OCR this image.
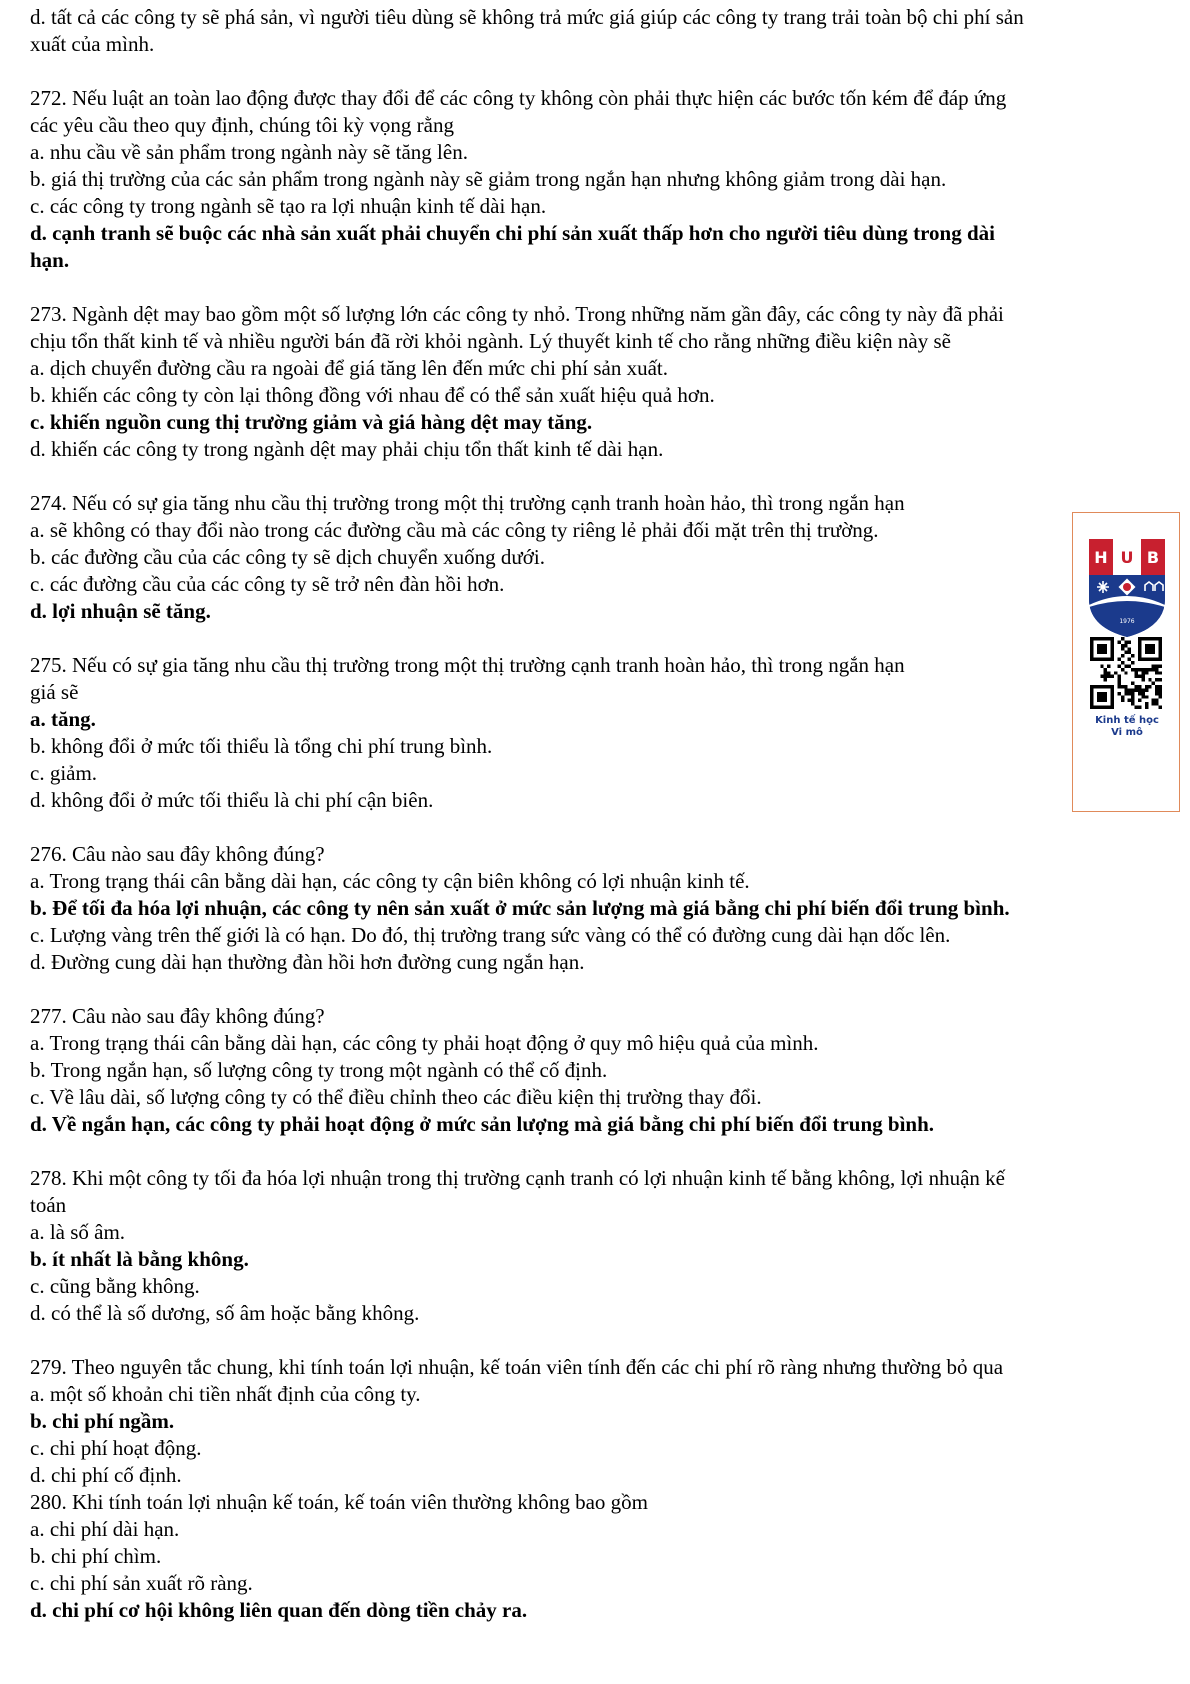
d. tất cả các công ty sẽ phá sản, vì người tiêu dùng sẽ không trả mức giá giúp các công ty trang trải toàn bộ chi phí sản
xuất của mình.
272. Nếu luật an toàn lao động được thay đổi để các công ty không còn phải thực hiện các bước tốn kém để đáp ứng
các yêu cầu theo quy định, chúng tôi kỳ vọng rằng
a. nhu cầu về sản phẩm trong ngành này sẽ tăng lên.
b. giá thị trường của các sản phẩm trong ngành này sẽ giảm trong ngắn hạn nhưng không giảm trong dài hạn.
c. các công ty trong ngành sẽ tạo ra lợi nhuận kinh tế dài hạn.
d. cạnh tranh sẽ buộc các nhà sản xuất phải chuyển chi phí sản xuất thấp hơn cho người tiêu dùng trong dài
hạn.
273. Ngành dệt may bao gồm một số lượng lớn các công ty nhỏ. Trong những năm gần đây, các công ty này đã phải
chịu tổn thất kinh tế và nhiều người bán đã rời khỏi ngành. Lý thuyết kinh tế cho rằng những điều kiện này sẽ
a. dịch chuyển đường cầu ra ngoài để giá tăng lên đến mức chi phí sản xuất.
b. khiến các công ty còn lại thông đồng với nhau để có thể sản xuất hiệu quả hơn.
c. khiến nguồn cung thị trường giảm và giá hàng dệt may tăng.
d. khiến các công ty trong ngành dệt may phải chịu tổn thất kinh tế dài hạn.
274. Nếu có sự gia tăng nhu cầu thị trường trong một thị trường cạnh tranh hoàn hảo, thì trong ngắn hạn
a. sẽ không có thay đổi nào trong các đường cầu mà các công ty riêng lẻ phải đối mặt trên thị trường.
b. các đường cầu của các công ty sẽ dịch chuyển xuống dưới.
c. các đường cầu của các công ty sẽ trở nên đàn hồi hơn.
d. lợi nhuận sẽ tăng.
275. Nếu có sự gia tăng nhu cầu thị trường trong một thị trường cạnh tranh hoàn hảo, thì trong ngắn hạn
giá sẽ
a. tăng.
b. không đổi ở mức tối thiểu là tổng chi phí trung bình.
c. giảm.
d. không đổi ở mức tối thiểu là chi phí cận biên.
276. Câu nào sau đây không đúng?
a. Trong trạng thái cân bằng dài hạn, các công ty cận biên không có lợi nhuận kinh tế.
b. Để tối đa hóa lợi nhuận, các công ty nên sản xuất ở mức sản lượng mà giá bằng chi phí biến đổi trung bình.
c. Lượng vàng trên thế giới là có hạn. Do đó, thị trường trang sức vàng có thể có đường cung dài hạn dốc lên.
d. Đường cung dài hạn thường đàn hồi hơn đường cung ngắn hạn.
277. Câu nào sau đây không đúng?
a. Trong trạng thái cân bằng dài hạn, các công ty phải hoạt động ở quy mô hiệu quả của mình.
b. Trong ngắn hạn, số lượng công ty trong một ngành có thể cố định.
c. Về lâu dài, số lượng công ty có thể điều chỉnh theo các điều kiện thị trường thay đổi.
d. Về ngắn hạn, các công ty phải hoạt động ở mức sản lượng mà giá bằng chi phí biến đổi trung bình.
278. Khi một công ty tối đa hóa lợi nhuận trong thị trường cạnh tranh có lợi nhuận kinh tế bằng không, lợi nhuận kế
toán
a. là số âm.
b. ít nhất là bằng không.
c. cũng bằng không.
d. có thể là số dương, số âm hoặc bằng không.
279. Theo nguyên tắc chung, khi tính toán lợi nhuận, kế toán viên tính đến các chi phí rõ ràng nhưng thường bỏ qua
a. một số khoản chi tiền nhất định của công ty.
b. chi phí ngầm.
c. chi phí hoạt động.
d. chi phí cố định.
280. Khi tính toán lợi nhuận kế toán, kế toán viên thường không bao gồm
a. chi phí dài hạn.
b. chi phí chìm.
c. chi phí sản xuất rõ ràng.
d. chi phí cơ hội không liên quan đến dòng tiền chảy ra.
H U B
1976
Kinh tế học
Vi mô
